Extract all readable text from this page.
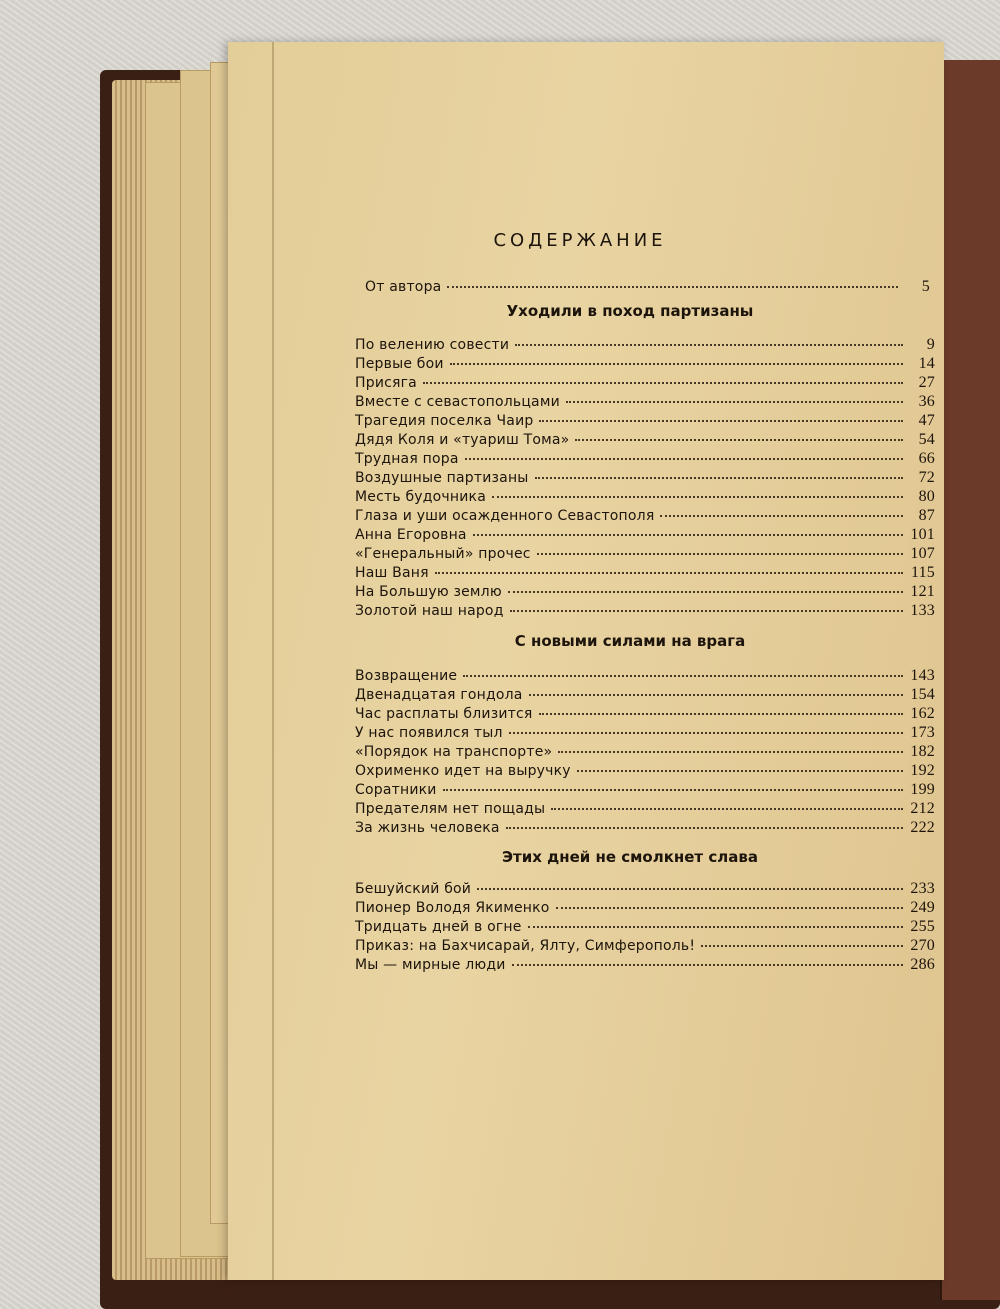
СОДЕРЖАНИЕ
От автора	5
Уходили в поход партизаны
По велению совести	9
Первые бои	14
Присяга	27
Вместе с севастопольцами	36
Трагедия поселка Чаир	47
Дядя Коля и «туариш Тома»	54
Трудная пора	66
Воздушные партизаны	72
Месть будочника	80
Глаза и уши осажденного Севастополя	87
Анна Егоровна	101
«Генеральный» прочес	107
Наш Ваня	115
На Большую землю	121
Золотой наш народ	133
С новыми силами на врага
Возвращение	143
Двенадцатая гондола	154
Час расплаты близится	162
У нас появился тыл	173
«Порядок на транспорте»	182
Охрименко идет на выручку	192
Соратники	199
Предателям нет пощады	212
За жизнь человека	222
Этих дней не смолкнет слава
Бешуйский бой	233
Пионер Володя Якименко	249
Тридцать дней в огне	255
Приказ: на Бахчисарай, Ялту, Симферополь!	270
Мы — мирные люди	286
